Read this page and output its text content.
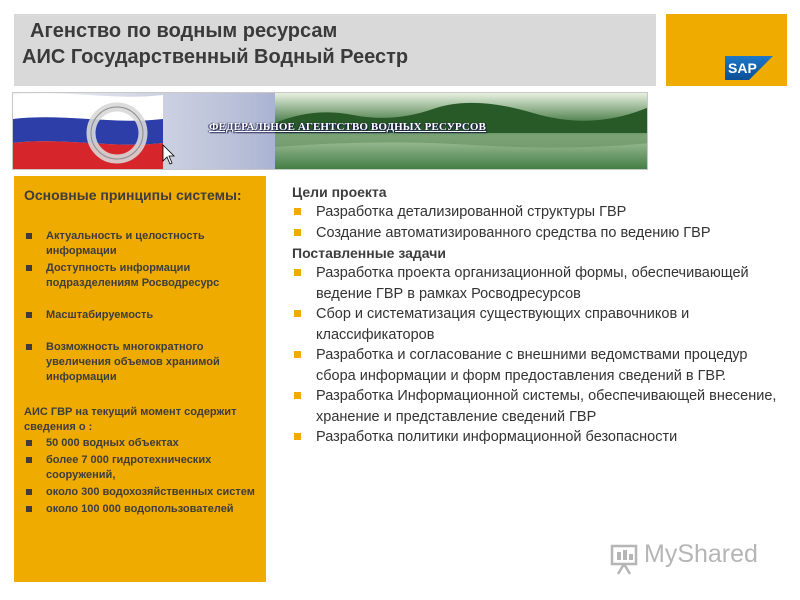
Агенство по водным ресурсам
АИС Государственный Водный Реестр	SAP
ФЕДЕРАЛЬНОЕ АГЕНТСТВО ВОДНЫХ РЕСУРСОВ
Основные принципы системы:
Актуальность и целостность информации
Доступность информации подразделениям Росводресурс
Масштабируемость
Возможность многократного увеличения объемов хранимой информации
АИС ГВР на текущий момент содержит сведения о :
50 000 водных объектах
более 7 000 гидротехнических сооружений,
около 300 водохозяйственных систем
около 100 000 водопользователей

Цели проекта

Разработка детализированной структуры ГВР
Создание автоматизированного средства по ведению ГВР

Поставленные задачи

Разработка проекта организационной формы, обеспечивающей ведение ГВР в рамках Росводресурсов
Сбор и систематизация существующих справочников и классификаторов
Разработка и согласование с внешними ведомствами процедур сбора информации и форм предоставления сведений в ГВР.
Разработка Информационной системы, обеспечивающей внесение, хранение и представление сведений ГВР
Разработка политики информационной безопасности
MyShared
